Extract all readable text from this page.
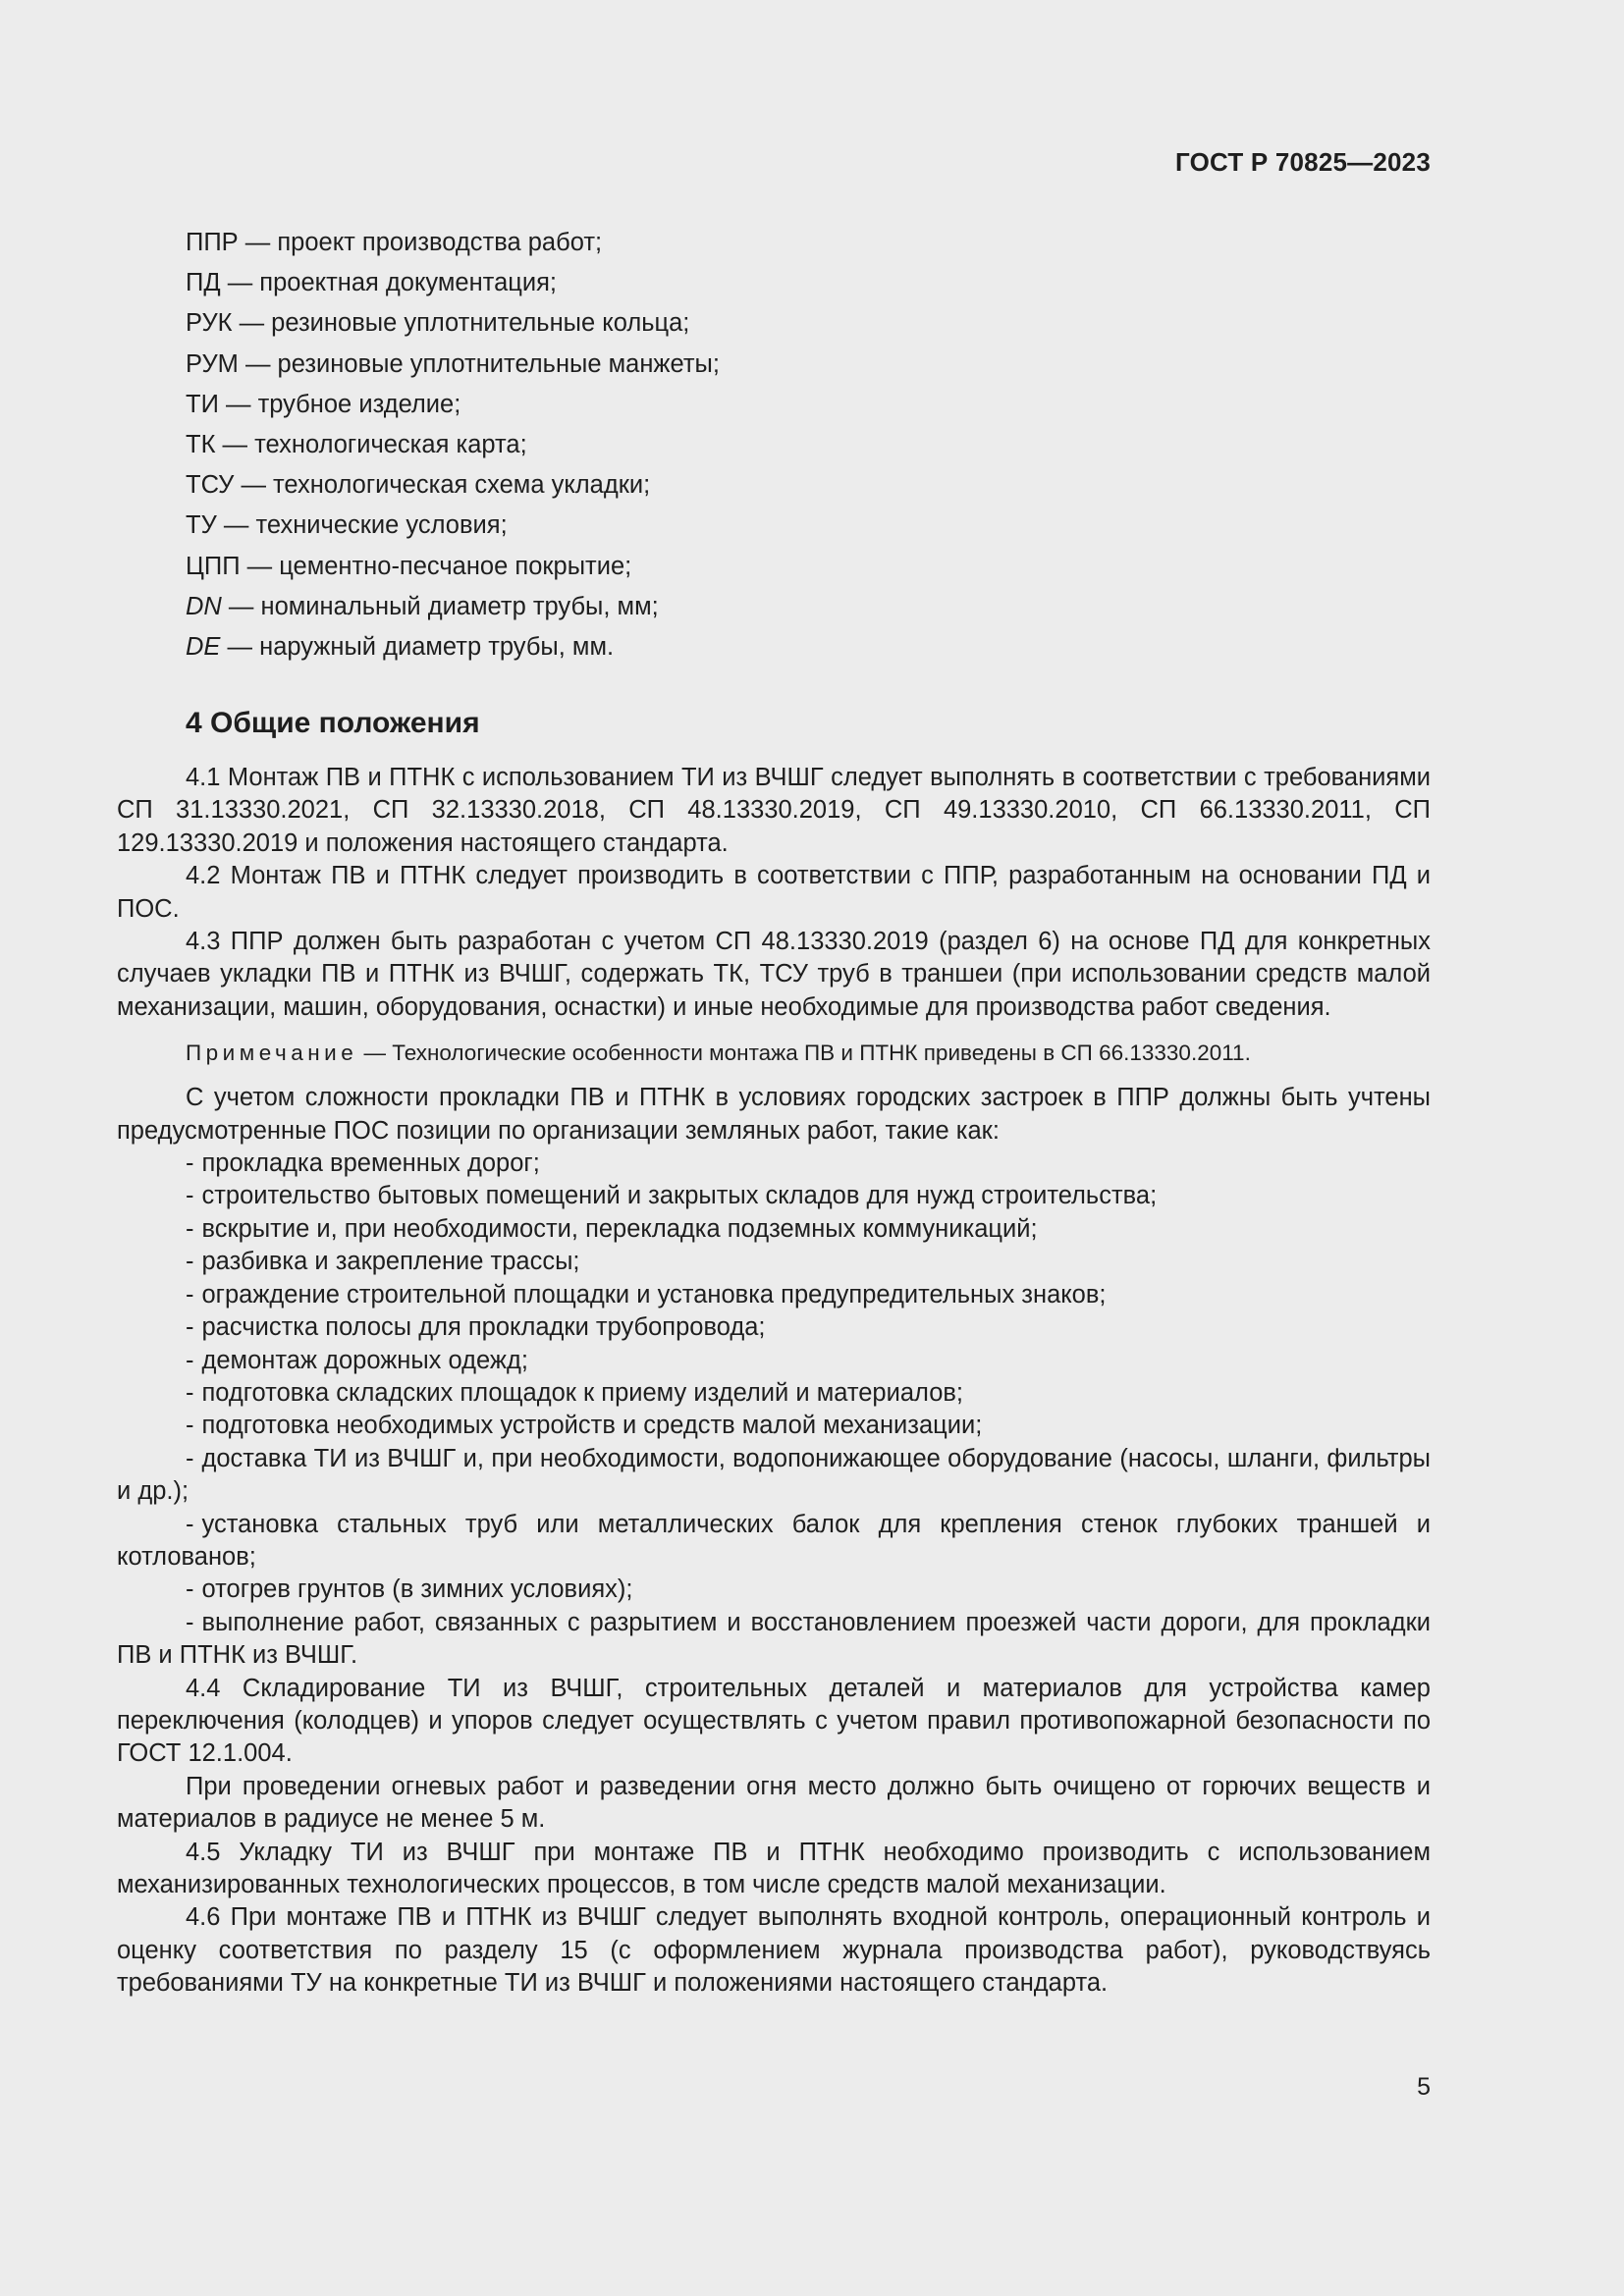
ГОСТ Р 70825—2023
ППР — проект производства работ;
ПД — проектная документация;
РУК — резиновые уплотнительные кольца;
РУМ — резиновые уплотнительные манжеты;
ТИ — трубное изделие;
ТК — технологическая карта;
ТСУ — технологическая схема укладки;
ТУ — технические условия;
ЦПП — цементно-песчаное покрытие;
DN — номинальный диаметр трубы, мм;
DE — наружный диаметр трубы, мм.
4 Общие положения

4.1 Монтаж ПВ и ПТНК с использованием ТИ из ВЧШГ следует выполнять в соответствии с требованиями СП 31.13330.2021, СП 32.13330.2018, СП 48.13330.2019, СП 49.13330.2010, СП 66.13330.2011, СП 129.13330.2019 и положения настоящего стандарта.

4.2 Монтаж ПВ и ПТНК следует производить в соответствии с ППР, разработанным на основании ПД и ПОС.

4.3 ППР должен быть разработан с учетом СП 48.13330.2019 (раздел 6) на основе ПД для конкретных случаев укладки ПВ и ПТНК из ВЧШГ, содержать ТК, ТСУ труб в траншеи (при использовании средств малой механизации, машин, оборудования, оснастки) и иные необходимые для производства работ сведения.

Примечание — Технологические особенности монтажа ПВ и ПТНК приведены в СП 66.13330.2011.

С учетом сложности прокладки ПВ и ПТНК в условиях городских застроек в ППР должны быть учтены предусмотренные ПОС позиции по организации земляных работ, такие как:

- прокладка временных дорог;

- строительство бытовых помещений и закрытых складов для нужд строительства;

- вскрытие и, при необходимости, перекладка подземных коммуникаций;

- разбивка и закрепление трассы;

- ограждение строительной площадки и установка предупредительных знаков;

- расчистка полосы для прокладки трубопровода;

- демонтаж дорожных одежд;

- подготовка складских площадок к приему изделий и материалов;

- подготовка необходимых устройств и средств малой механизации;

- доставка ТИ из ВЧШГ и, при необходимости, водопонижающее оборудование (насосы, шланги, фильтры и др.);

- установка стальных труб или металлических балок для крепления стенок глубоких траншей и котлованов;

- отогрев грунтов (в зимних условиях);

- выполнение работ, связанных с разрытием и восстановлением проезжей части дороги, для прокладки ПВ и ПТНК из ВЧШГ.

4.4 Складирование ТИ из ВЧШГ, строительных деталей и материалов для устройства камер переключения (колодцев) и упоров следует осуществлять с учетом правил противопожарной безопасности по ГОСТ 12.1.004.

При проведении огневых работ и разведении огня место должно быть очищено от горючих веществ и материалов в радиусе не менее 5 м.

4.5 Укладку ТИ из ВЧШГ при монтаже ПВ и ПТНК необходимо производить с использованием механизированных технологических процессов, в том числе средств малой механизации.

4.6 При монтаже ПВ и ПТНК из ВЧШГ следует выполнять входной контроль, операционный контроль и оценку соответствия по разделу 15 (с оформлением журнала производства работ), руководствуясь требованиями ТУ на конкретные ТИ из ВЧШГ и положениями настоящего стандарта.

5
